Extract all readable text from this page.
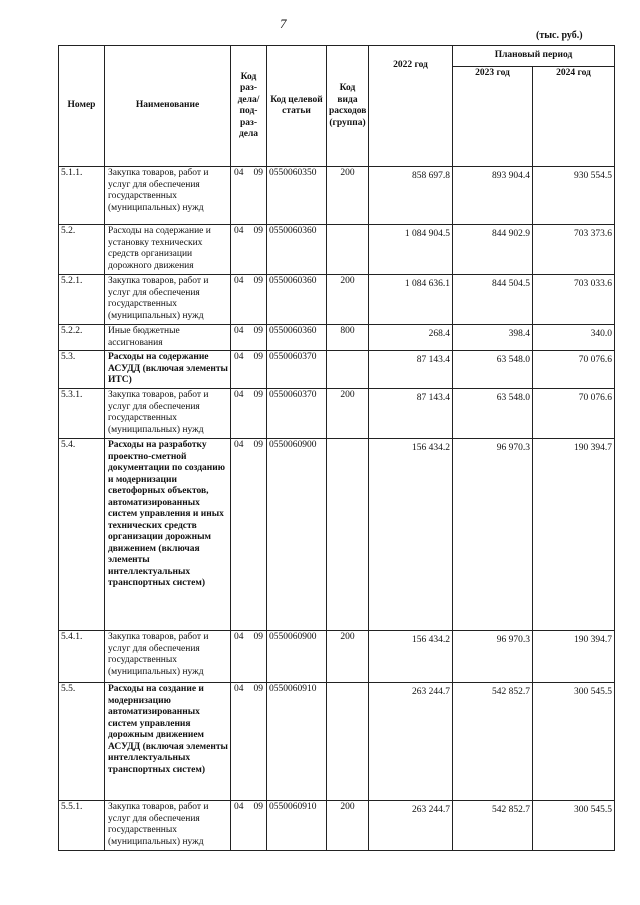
7
(тыс. руб.)
Номер	Наименование	Код раз-дела/ под-раз-дела	Код целевой статьи	Код вида расходов (группа)	2022 год	Плановый период	
						2023 год	2024 год
5.1.1.	Закупка товаров, работ и услуг для обеспечения государственных (муниципальных) нужд	04 09	0550060350	200	858 697.8	893 904.4	930 554.5
5.2.	Расходы на содержание и установку технических средств организации дорожного движения	04 09	0550060360		1 084 904.5	844 902.9	703 373.6
5.2.1.	Закупка товаров, работ и услуг для обеспечения государственных (муниципальных) нужд	04 09	0550060360	200	1 084 636.1	844 504.5	703 033.6
5.2.2.	Иные бюджетные ассигнования	04 09	0550060360	800	268.4	398.4	340.0
5.3.	Расходы на содержание АСУДД (включая элементы ИТС)	04 09	0550060370		87 143.4	63 548.0	70 076.6
5.3.1.	Закупка товаров, работ и услуг для обеспечения государственных (муниципальных) нужд	04 09	0550060370	200	87 143.4	63 548.0	70 076.6
5.4.	Расходы на разработку проектно-сметной документации по созданию и модернизации светофорных объектов, автоматизированных систем управления и иных технических средств организации дорожным движением (включая элементы интеллектуальных транспортных систем)	04 09	0550060900		156 434.2	96 970.3	190 394.7
5.4.1.	Закупка товаров, работ и услуг для обеспечения государственных (муниципальных) нужд	04 09	0550060900	200	156 434.2	96 970.3	190 394.7
5.5.	Расходы на создание и модернизацию автоматизированных систем управления дорожным движением АСУДД (включая элементы интеллектуальных транспортных систем)	04 09	0550060910		263 244.7	542 852.7	300 545.5
5.5.1.	Закупка товаров, работ и услуг для обеспечения государственных (муниципальных) нужд	04 09	0550060910	200	263 244.7	542 852.7	300 545.5
